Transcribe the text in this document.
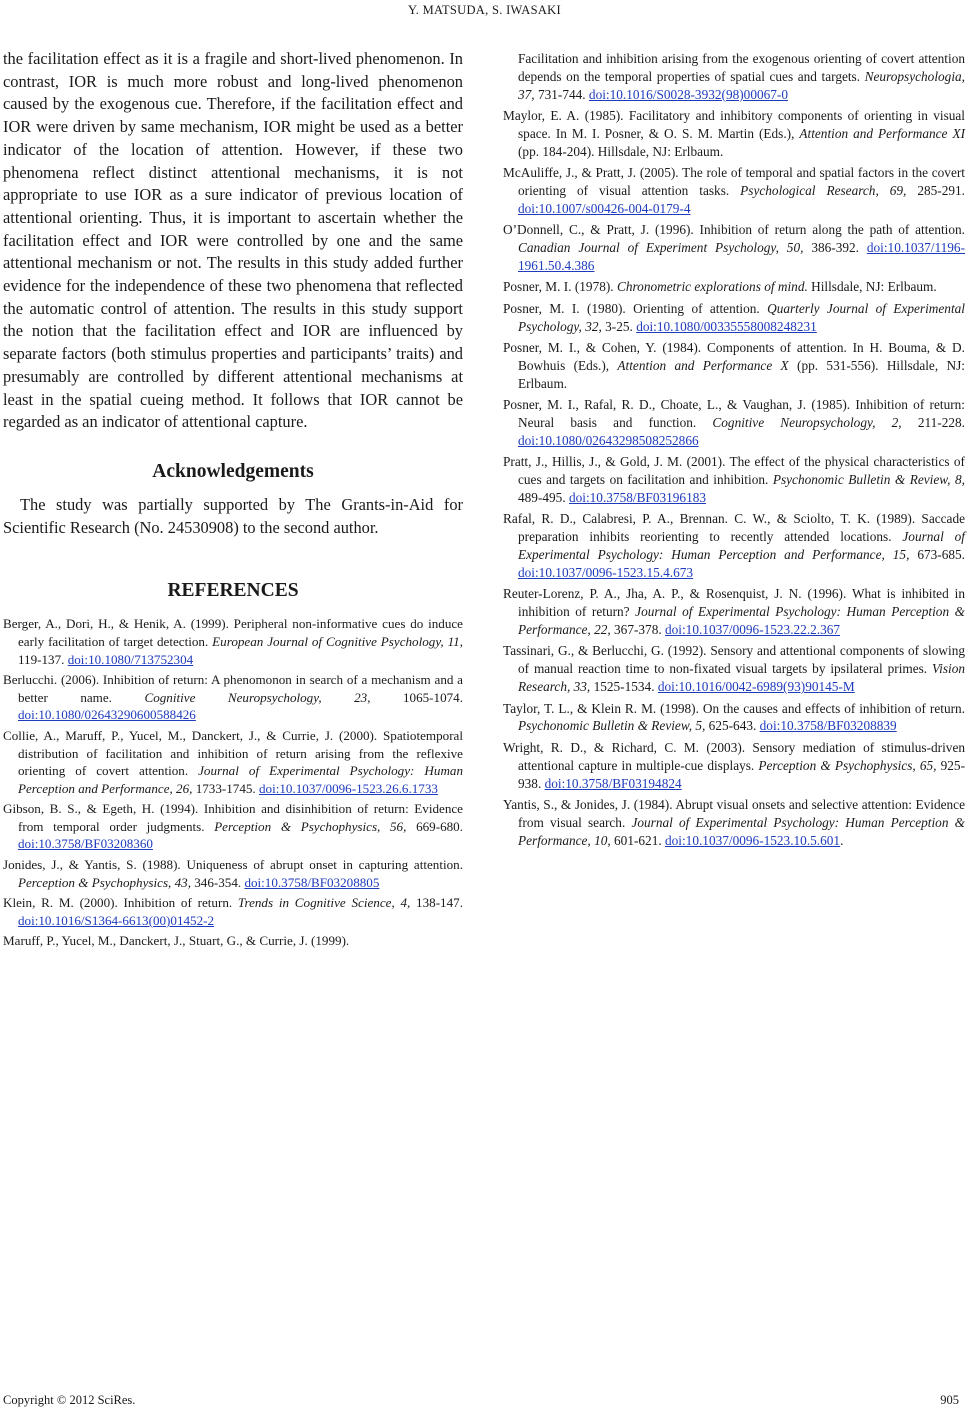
Y. MATSUDA, S. IWASAKI

the facilitation effect as it is a fragile and short-lived phenomenon. In contrast, IOR is much more robust and long-lived phenomenon caused by the exogenous cue. Therefore, if the facilitation effect and IOR were driven by same mechanism, IOR might be used as a better indicator of the location of attention. However, if these two phenomena reflect distinct attentional mechanisms, it is not appropriate to use IOR as a sure indicator of previous location of attentional orienting. Thus, it is important to ascertain whether the facilitation effect and IOR were controlled by one and the same attentional mechanism or not. The results in this study added further evidence for the independence of these two phenomena that reflected the automatic control of attention. The results in this study support the notion that the facilitation effect and IOR are influenced by separate factors (both stimulus properties and participants’ traits) and presumably are controlled by different attentional mechanisms at least in the spatial cueing method. It follows that IOR cannot be regarded as an indicator of attentional capture.

Acknowledgements

The study was partially supported by The Grants-in-Aid for Scientific Research (No. 24530908) to the second author.

REFERENCES

Berger, A., Dori, H., & Henik, A. (1999). Peripheral non-informative cues do induce early facilitation of target detection. European Journal of Cognitive Psychology, 11, 119-137. doi:10.1080/713752304

Berlucchi. (2006). Inhibition of return: A phenomonon in search of a mechanism and a better name. Cognitive Neuropsychology, 23, 1065-1074. doi:10.1080/02643290600588426

Collie, A., Maruff, P., Yucel, M., Danckert, J., & Currie, J. (2000). Spatiotemporal distribution of facilitation and inhibition of return arising from the reflexive orienting of covert attention. Journal of Experimental Psychology: Human Perception and Performance, 26, 1733-1745. doi:10.1037/0096-1523.26.6.1733

Gibson, B. S., & Egeth, H. (1994). Inhibition and disinhibition of return: Evidence from temporal order judgments. Perception & Psychophysics, 56, 669-680. doi:10.3758/BF03208360

Jonides, J., & Yantis, S. (1988). Uniqueness of abrupt onset in capturing attention. Perception & Psychophysics, 43, 346-354. doi:10.3758/BF03208805

Klein, R. M. (2000). Inhibition of return. Trends in Cognitive Science, 4, 138-147. doi:10.1016/S1364-6613(00)01452-2

Maruff, P., Yucel, M., Danckert, J., Stuart, G., & Currie, J. (1999).

Facilitation and inhibition arising from the exogenous orienting of covert attention depends on the temporal properties of spatial cues and targets. Neuropsychologia, 37, 731-744. doi:10.1016/S0028-3932(98)00067-0

Maylor, E. A. (1985). Facilitatory and inhibitory components of orienting in visual space. In M. I. Posner, & O. S. M. Martin (Eds.), Attention and Performance XI (pp. 184-204). Hillsdale, NJ: Erlbaum.

McAuliffe, J., & Pratt, J. (2005). The role of temporal and spatial factors in the covert orienting of visual attention tasks. Psychological Research, 69, 285-291. doi:10.1007/s00426-004-0179-4

O’Donnell, C., & Pratt, J. (1996). Inhibition of return along the path of attention. Canadian Journal of Experiment Psychology, 50, 386-392. doi:10.1037/1196-1961.50.4.386

Posner, M. I. (1978). Chronometric explorations of mind. Hillsdale, NJ: Erlbaum.

Posner, M. I. (1980). Orienting of attention. Quarterly Journal of Experimental Psychology, 32, 3-25. doi:10.1080/00335558008248231

Posner, M. I., & Cohen, Y. (1984). Components of attention. In H. Bouma, & D. Bowhuis (Eds.), Attention and Performance X (pp. 531-556). Hillsdale, NJ: Erlbaum.

Posner, M. I., Rafal, R. D., Choate, L., & Vaughan, J. (1985). Inhibition of return: Neural basis and function. Cognitive Neuropsychology, 2, 211-228. doi:10.1080/02643298508252866

Pratt, J., Hillis, J., & Gold, J. M. (2001). The effect of the physical characteristics of cues and targets on facilitation and inhibition. Psychonomic Bulletin & Review, 8, 489-495. doi:10.3758/BF03196183

Rafal, R. D., Calabresi, P. A., Brennan. C. W., & Sciolto, T. K. (1989). Saccade preparation inhibits reorienting to recently attended locations. Journal of Experimental Psychology: Human Perception and Performance, 15, 673-685. doi:10.1037/0096-1523.15.4.673

Reuter-Lorenz, P. A., Jha, A. P., & Rosenquist, J. N. (1996). What is inhibited in inhibition of return? Journal of Experimental Psychology: Human Perception & Performance, 22, 367-378. doi:10.1037/0096-1523.22.2.367

Tassinari, G., & Berlucchi, G. (1992). Sensory and attentional components of slowing of manual reaction time to non-fixated visual targets by ipsilateral primes. Vision Research, 33, 1525-1534. doi:10.1016/0042-6989(93)90145-M

Taylor, T. L., & Klein R. M. (1998). On the causes and effects of inhibition of return. Psychonomic Bulletin & Review, 5, 625-643. doi:10.3758/BF03208839

Wright, R. D., & Richard, C. M. (2003). Sensory mediation of stimulus-driven attentional capture in multiple-cue displays. Perception & Psychophysics, 65, 925-938. doi:10.3758/BF03194824

Yantis, S., & Jonides, J. (1984). Abrupt visual onsets and selective attention: Evidence from visual search. Journal of Experimental Psychology: Human Perception & Performance, 10, 601-621. doi:10.1037/0096-1523.10.5.601.

Copyright © 2012 SciRes.	905
